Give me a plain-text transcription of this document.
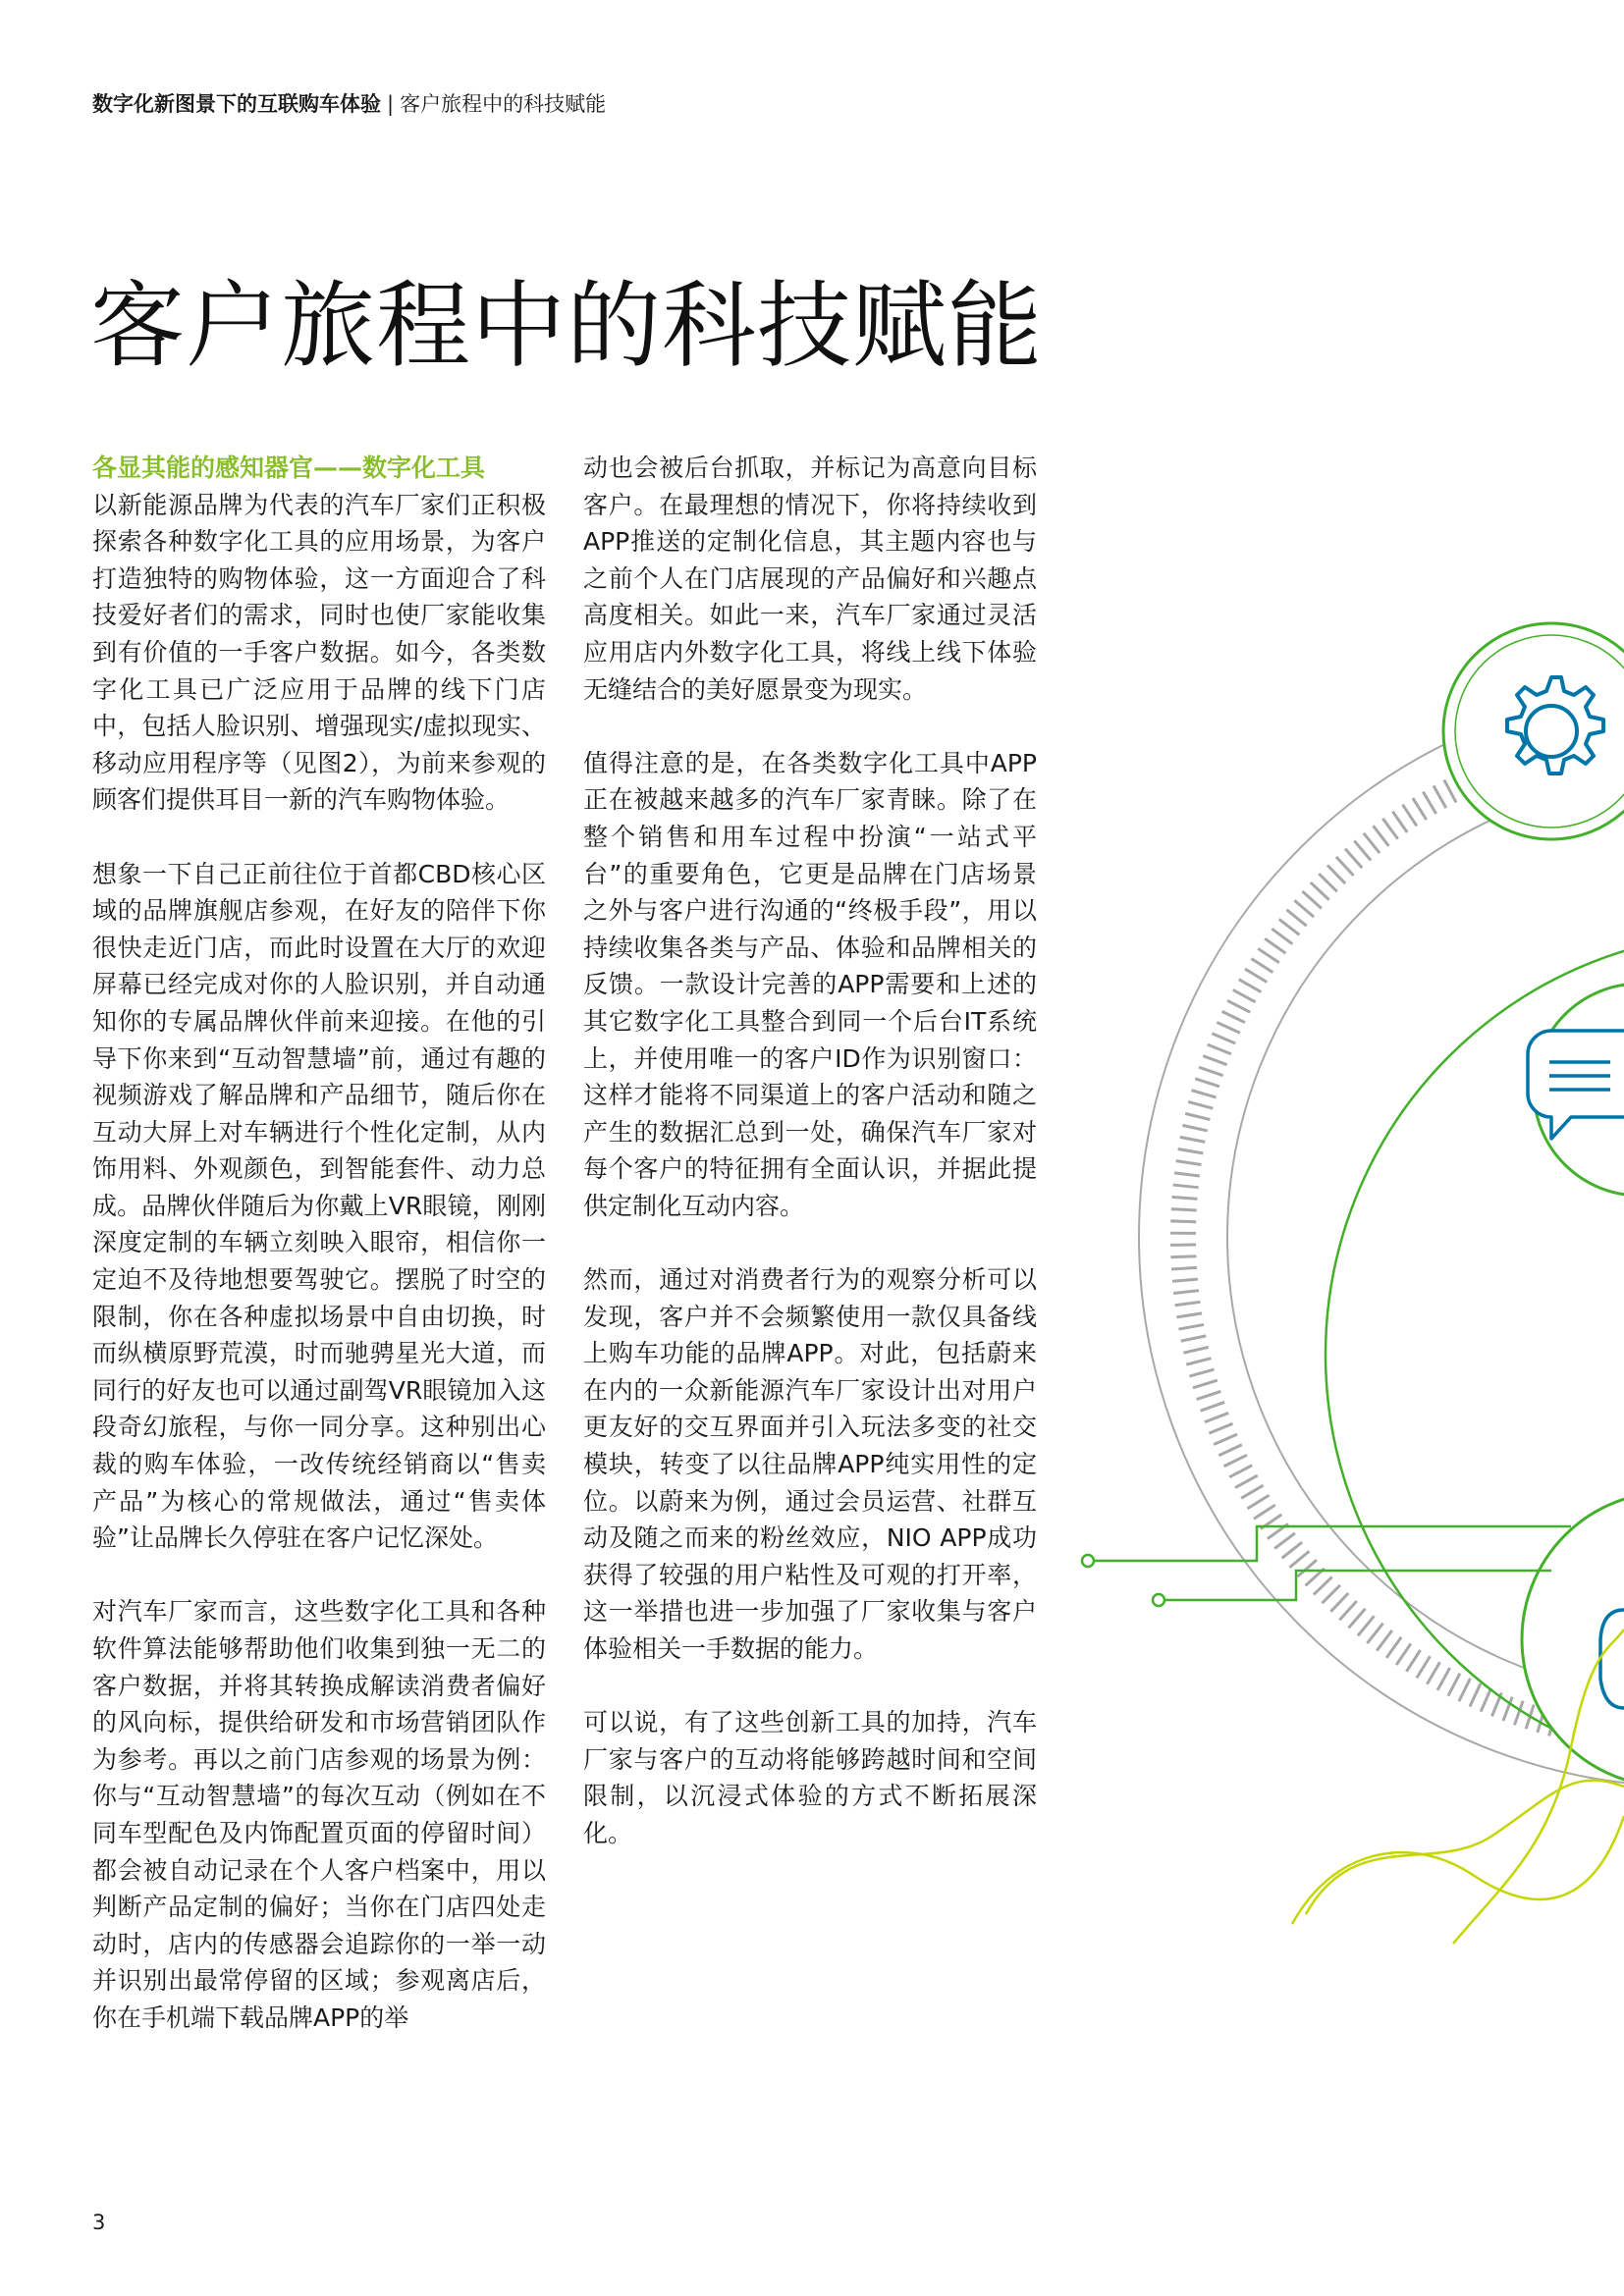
数字化新图景下的互联购车体验 | 客户旅程中的科技赋能
客户旅程中的科技赋能

各显其能的感知器官——数字化工具
以新能源品牌为代表的汽车厂家们正积极探索各种数字化工具的应用场景，为客户打造独特的购物体验，这一方面迎合了科技爱好者们的需求，同时也使厂家能收集到有价值的一手客户数据。如今，各类数字化工具已广泛应用于品牌的线下门店中，包括人脸识别、增强现实/虚拟现实、移动应用程序等（见图2），为前来参观的顾客们提供耳目一新的汽车购物体验。

想象一下自己正前往位于首都CBD核心区域的品牌旗舰店参观，在好友的陪伴下你很快走近门店，而此时设置在大厅的欢迎屏幕已经完成对你的人脸识别，并自动通知你的专属品牌伙伴前来迎接。在他的引导下你来到“互动智慧墙”前，通过有趣的视频游戏了解品牌和产品细节，随后你在互动大屏上对车辆进行个性化定制，从内饰用料、外观颜色，到智能套件、动力总成。品牌伙伴随后为你戴上VR眼镜，刚刚深度定制的车辆立刻映入眼帘，相信你一定迫不及待地想要驾驶它。摆脱了时空的限制，你在各种虚拟场景中自由切换，时而纵横原野荒漠，时而驰骋星光大道，而同行的好友也可以通过副驾VR眼镜加入这段奇幻旅程，与你一同分享。这种别出心裁的购车体验，一改传统经销商以“售卖产品”为核心的常规做法，通过“售卖体验”让品牌长久停驻在客户记忆深处。

对汽车厂家而言，这些数字化工具和各种软件算法能够帮助他们收集到独一无二的客户数据，并将其转换成解读消费者偏好的风向标，提供给研发和市场营销团队作为参考。再以之前门店参观的场景为例：你与“互动智慧墙”的每次互动（例如在不同车型配色及内饰配置页面的停留时间）都会被自动记录在个人客户档案中，用以判断产品定制的偏好；当你在门店四处走动时，店内的传感器会追踪你的一举一动并识别出最常停留的区域；参观离店后，你在手机端下载品牌APP的举

动也会被后台抓取，并标记为高意向目标客户。在最理想的情况下，你将持续收到APP推送的定制化信息，其主题内容也与之前个人在门店展现的产品偏好和兴趣点高度相关。如此一来，汽车厂家通过灵活应用店内外数字化工具，将线上线下体验无缝结合的美好愿景变为现实。

值得注意的是，在各类数字化工具中APP正在被越来越多的汽车厂家青睐。除了在整个销售和用车过程中扮演“一站式平台”的重要角色，它更是品牌在门店场景之外与客户进行沟通的“终极手段”，用以持续收集各类与产品、体验和品牌相关的反馈。一款设计完善的APP需要和上述的其它数字化工具整合到同一个后台IT系统上，并使用唯一的客户ID作为识别窗口：这样才能将不同渠道上的客户活动和随之产生的数据汇总到一处，确保汽车厂家对每个客户的特征拥有全面认识，并据此提供定制化互动内容。

然而，通过对消费者行为的观察分析可以发现，客户并不会频繁使用一款仅具备线上购车功能的品牌APP。对此，包括蔚来在内的一众新能源汽车厂家设计出对用户更友好的交互界面并引入玩法多变的社交模块，转变了以往品牌APP纯实用性的定位。以蔚来为例，通过会员运营、社群互动及随之而来的粉丝效应，NIO APP成功获得了较强的用户粘性及可观的打开率，这一举措也进一步加强了厂家收集与客户体验相关一手数据的能力。

可以说，有了这些创新工具的加持，汽车厂家与客户的互动将能够跨越时间和空间限制，以沉浸式体验的方式不断拓展深化。

3
